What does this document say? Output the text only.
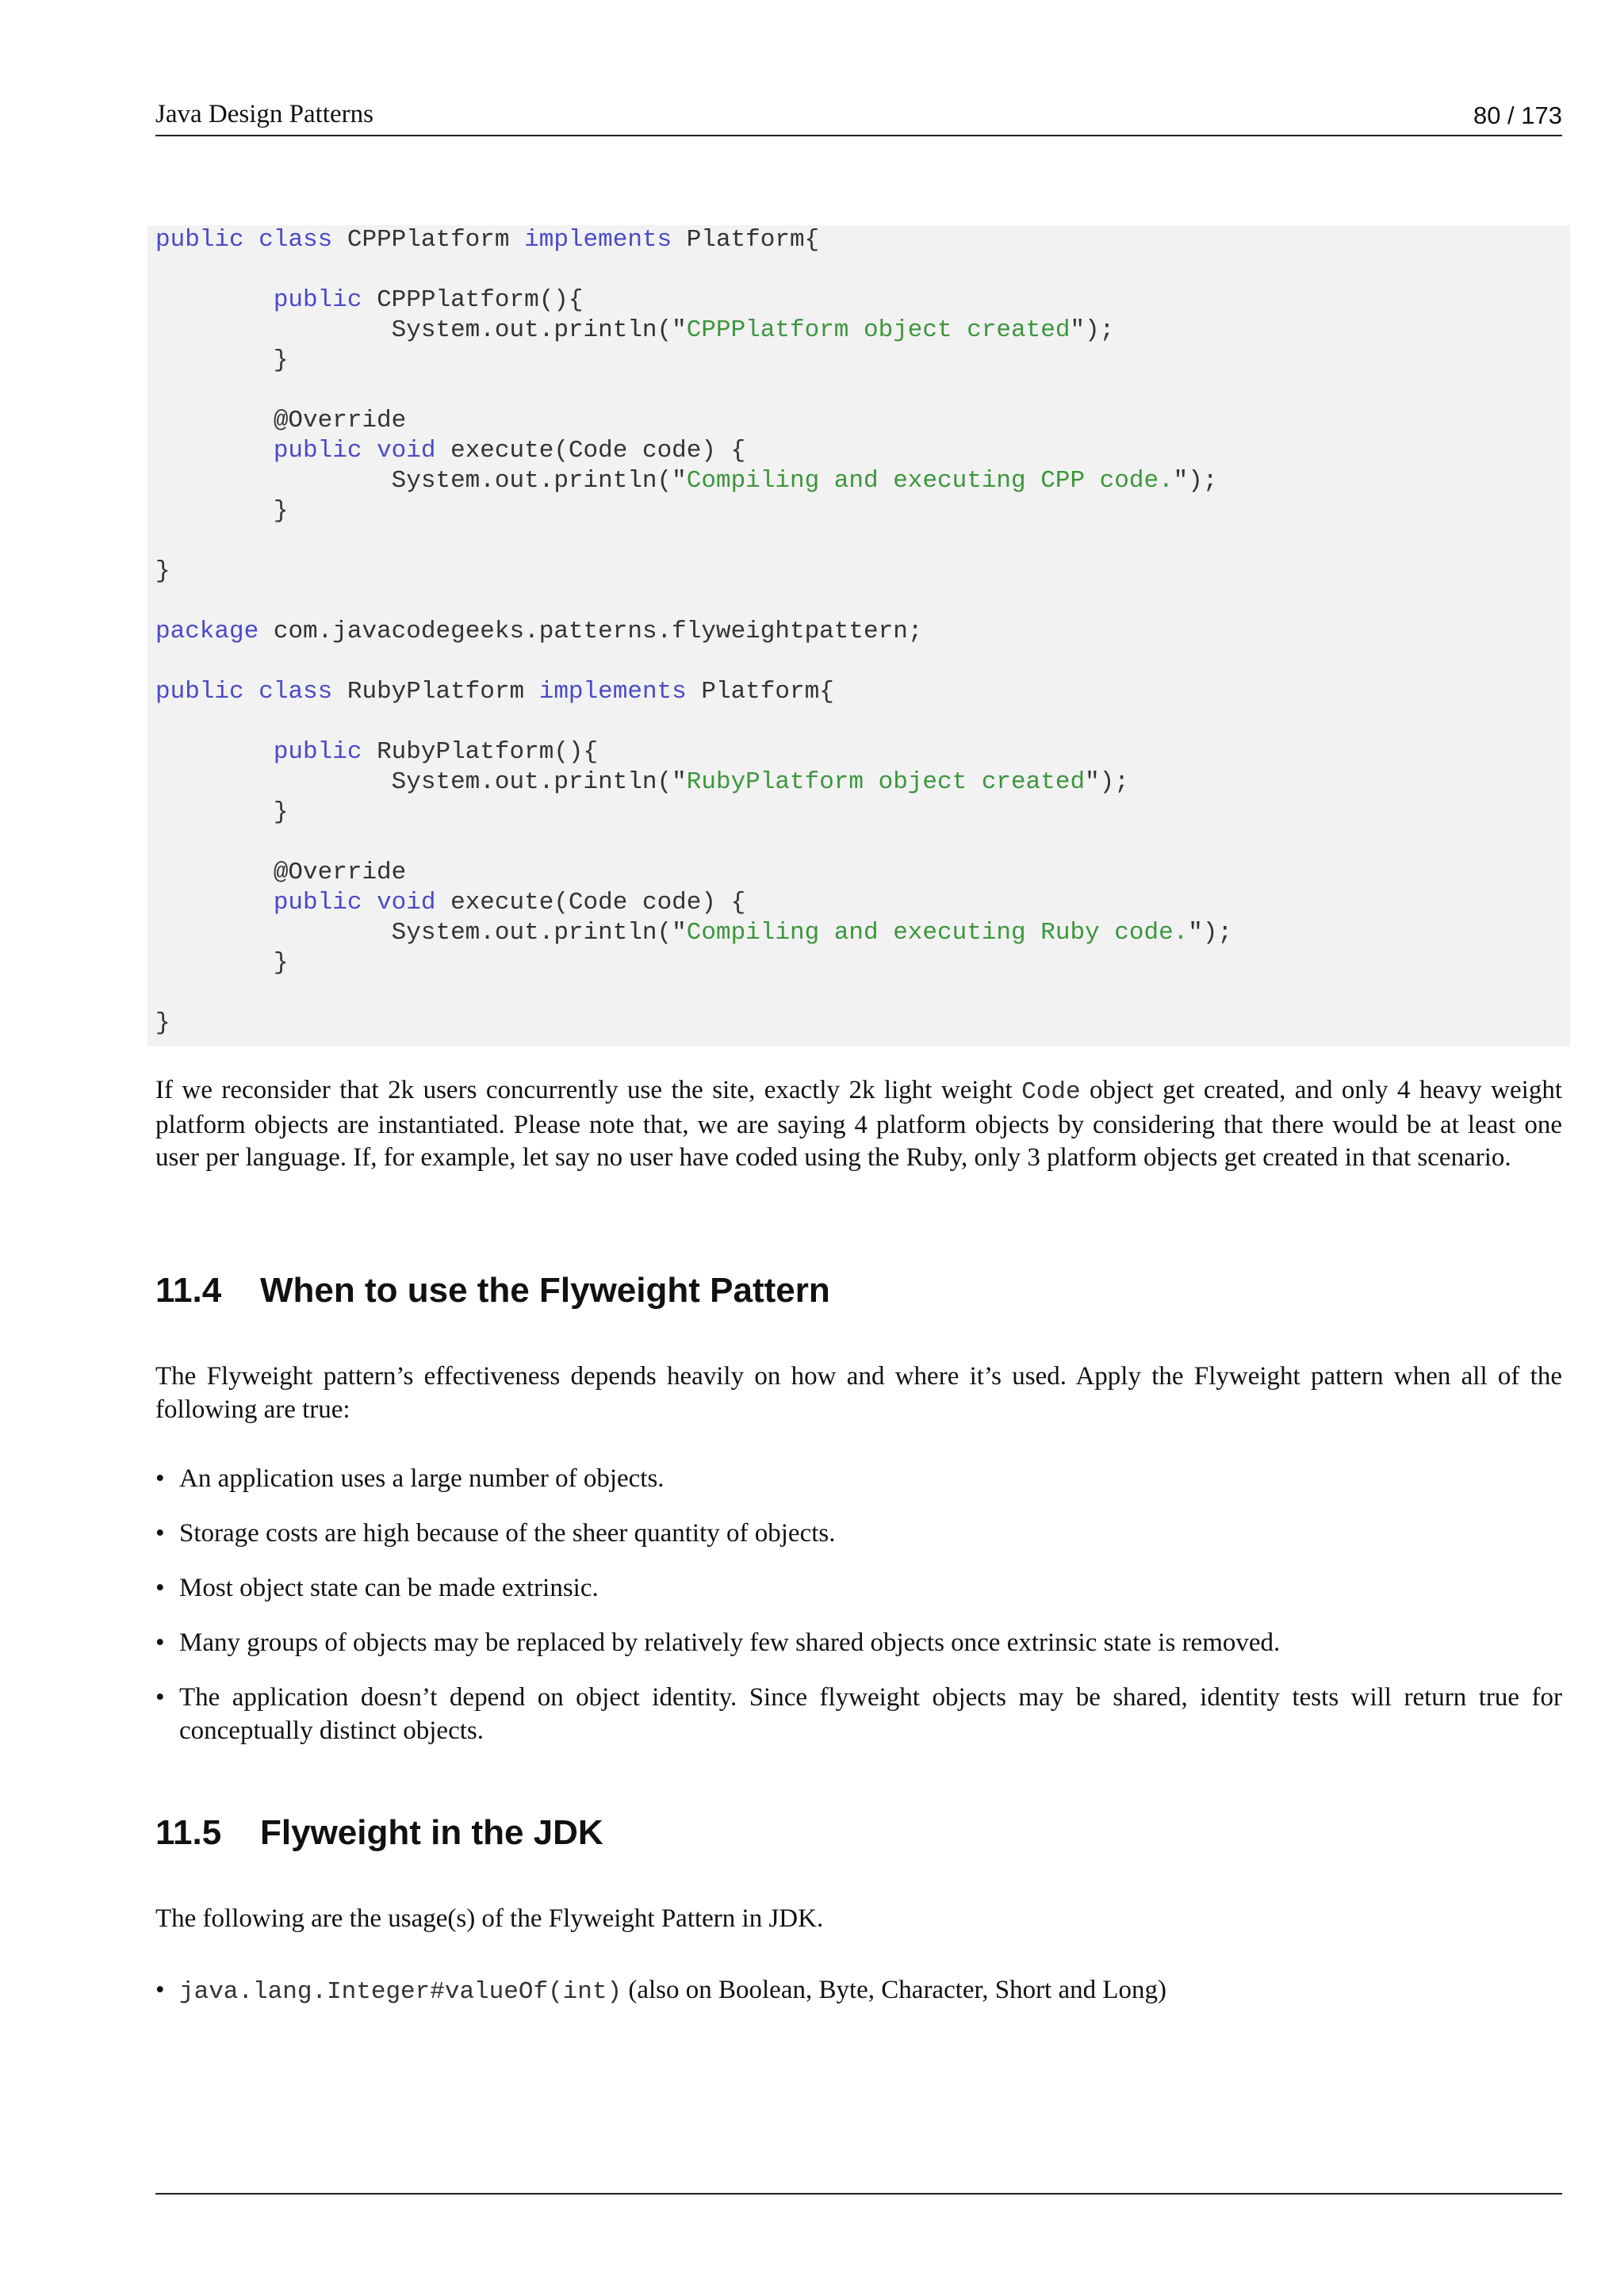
Java Design Patterns	80 / 173
public class CPPPlatform implements Platform{
public CPPPlatform(){
System.out.println("CPPPlatform object created");
}
@Override
public void execute(Code code) {
System.out.println("Compiling and executing CPP code.");
}
}
package com.javacodegeeks.patterns.flyweightpattern;
public class RubyPlatform implements Platform{
public RubyPlatform(){
System.out.println("RubyPlatform object created");
}
@Override
public void execute(Code code) {
System.out.println("Compiling and executing Ruby code.");
}
}
If we reconsider that 2k users concurrently use the site, exactly 2k light weight Code object get created, and only 4 heavy weight platform objects are instantiated. Please note that, we are saying 4 platform objects by considering that there would be at least one user per language. If, for example, let say no user have coded using the Ruby, only 3 platform objects get created in that scenario.
11.4 When to use the Flyweight Pattern
The Flyweight pattern’s effectiveness depends heavily on how and where it’s used. Apply the Flyweight pattern when all of the following are true:
• An application uses a large number of objects.
• Storage costs are high because of the sheer quantity of objects.
• Most object state can be made extrinsic.
• Many groups of objects may be replaced by relatively few shared objects once extrinsic state is removed.
• The application doesn’t depend on object identity. Since flyweight objects may be shared, identity tests will return true for conceptually distinct objects.
11.5 Flyweight in the JDK
The following are the usage(s) of the Flyweight Pattern in JDK.
• java.lang.Integer#valueOf(int) (also on Boolean, Byte, Character, Short and Long)
